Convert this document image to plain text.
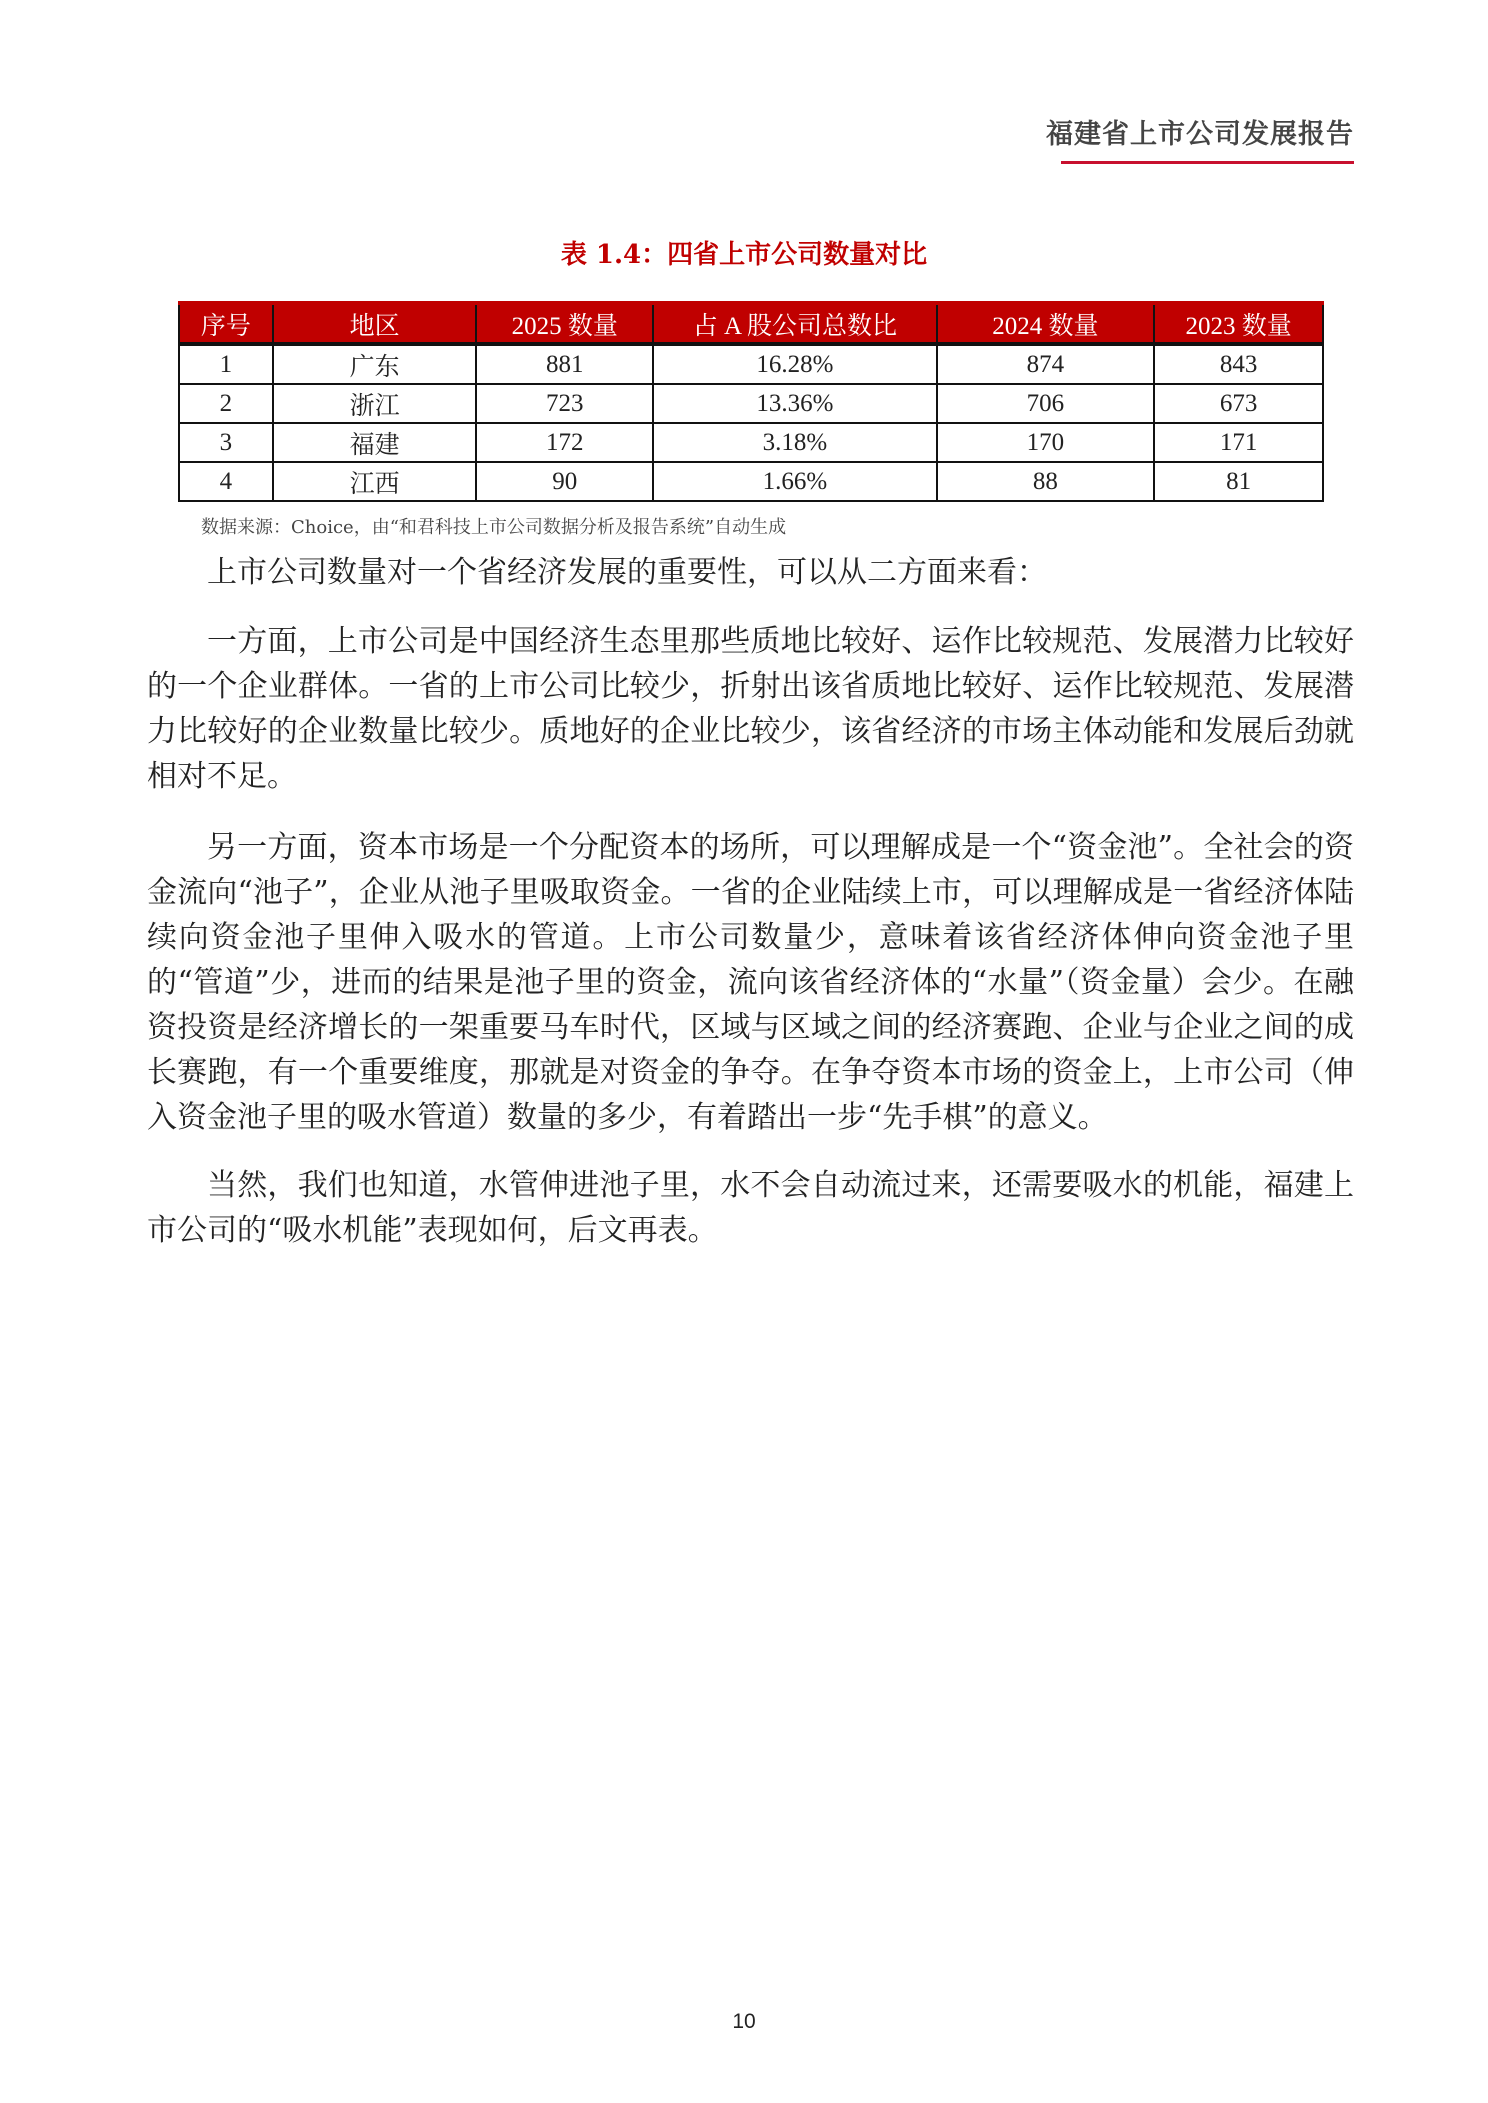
福建省上市公司发展报告
表 1.4：四省上市公司数量对比
序号	地区	2025 数量	占 A 股公司总数比	2024 数量	2023 数量
1	广东	881	16.28%	874	843
2	浙江	723	13.36%	706	673
3	福建	172	3.18%	170	171
4	江西	90	1.66%	88	81
数据来源：Choice，由“和君科技上市公司数据分析及报告系统”自动生成

上市公司数量对一个省经济发展的重要性，可以从二方面来看：

一方面，上市公司是中国经济生态里那些质地比较好、运作比较规范、发展潜力比较好的一个企业群体。一省的上市公司比较少，折射出该省质地比较好、运作比较规范、发展潜力比较好的企业数量比较少。质地好的企业比较少，该省经济的市场主体动能和发展后劲就相对不足。

另一方面，资本市场是一个分配资本的场所，可以理解成是一个“资金池”。全社会的资金流向“池子”，企业从池子里吸取资金。一省的企业陆续上市，可以理解成是一省经济体陆续向资金池子里伸入吸水的管道。上市公司数量少，意味着该省经济体伸向资金池子里的“管道”少，进而的结果是池子里的资金，流向该省经济体的“水量”（资金量）会少。在融资投资是经济增长的一架重要马车时代，区域与区域之间的经济赛跑、企业与企业之间的成长赛跑，有一个重要维度，那就是对资金的争夺。在争夺资本市场的资金上，上市公司（伸入资金池子里的吸水管道）数量的多少，有着踏出一步“先手棋”的意义。

当然，我们也知道，水管伸进池子里，水不会自动流过来，还需要吸水的机能，福建上市公司的“吸水机能”表现如何，后文再表。

10
